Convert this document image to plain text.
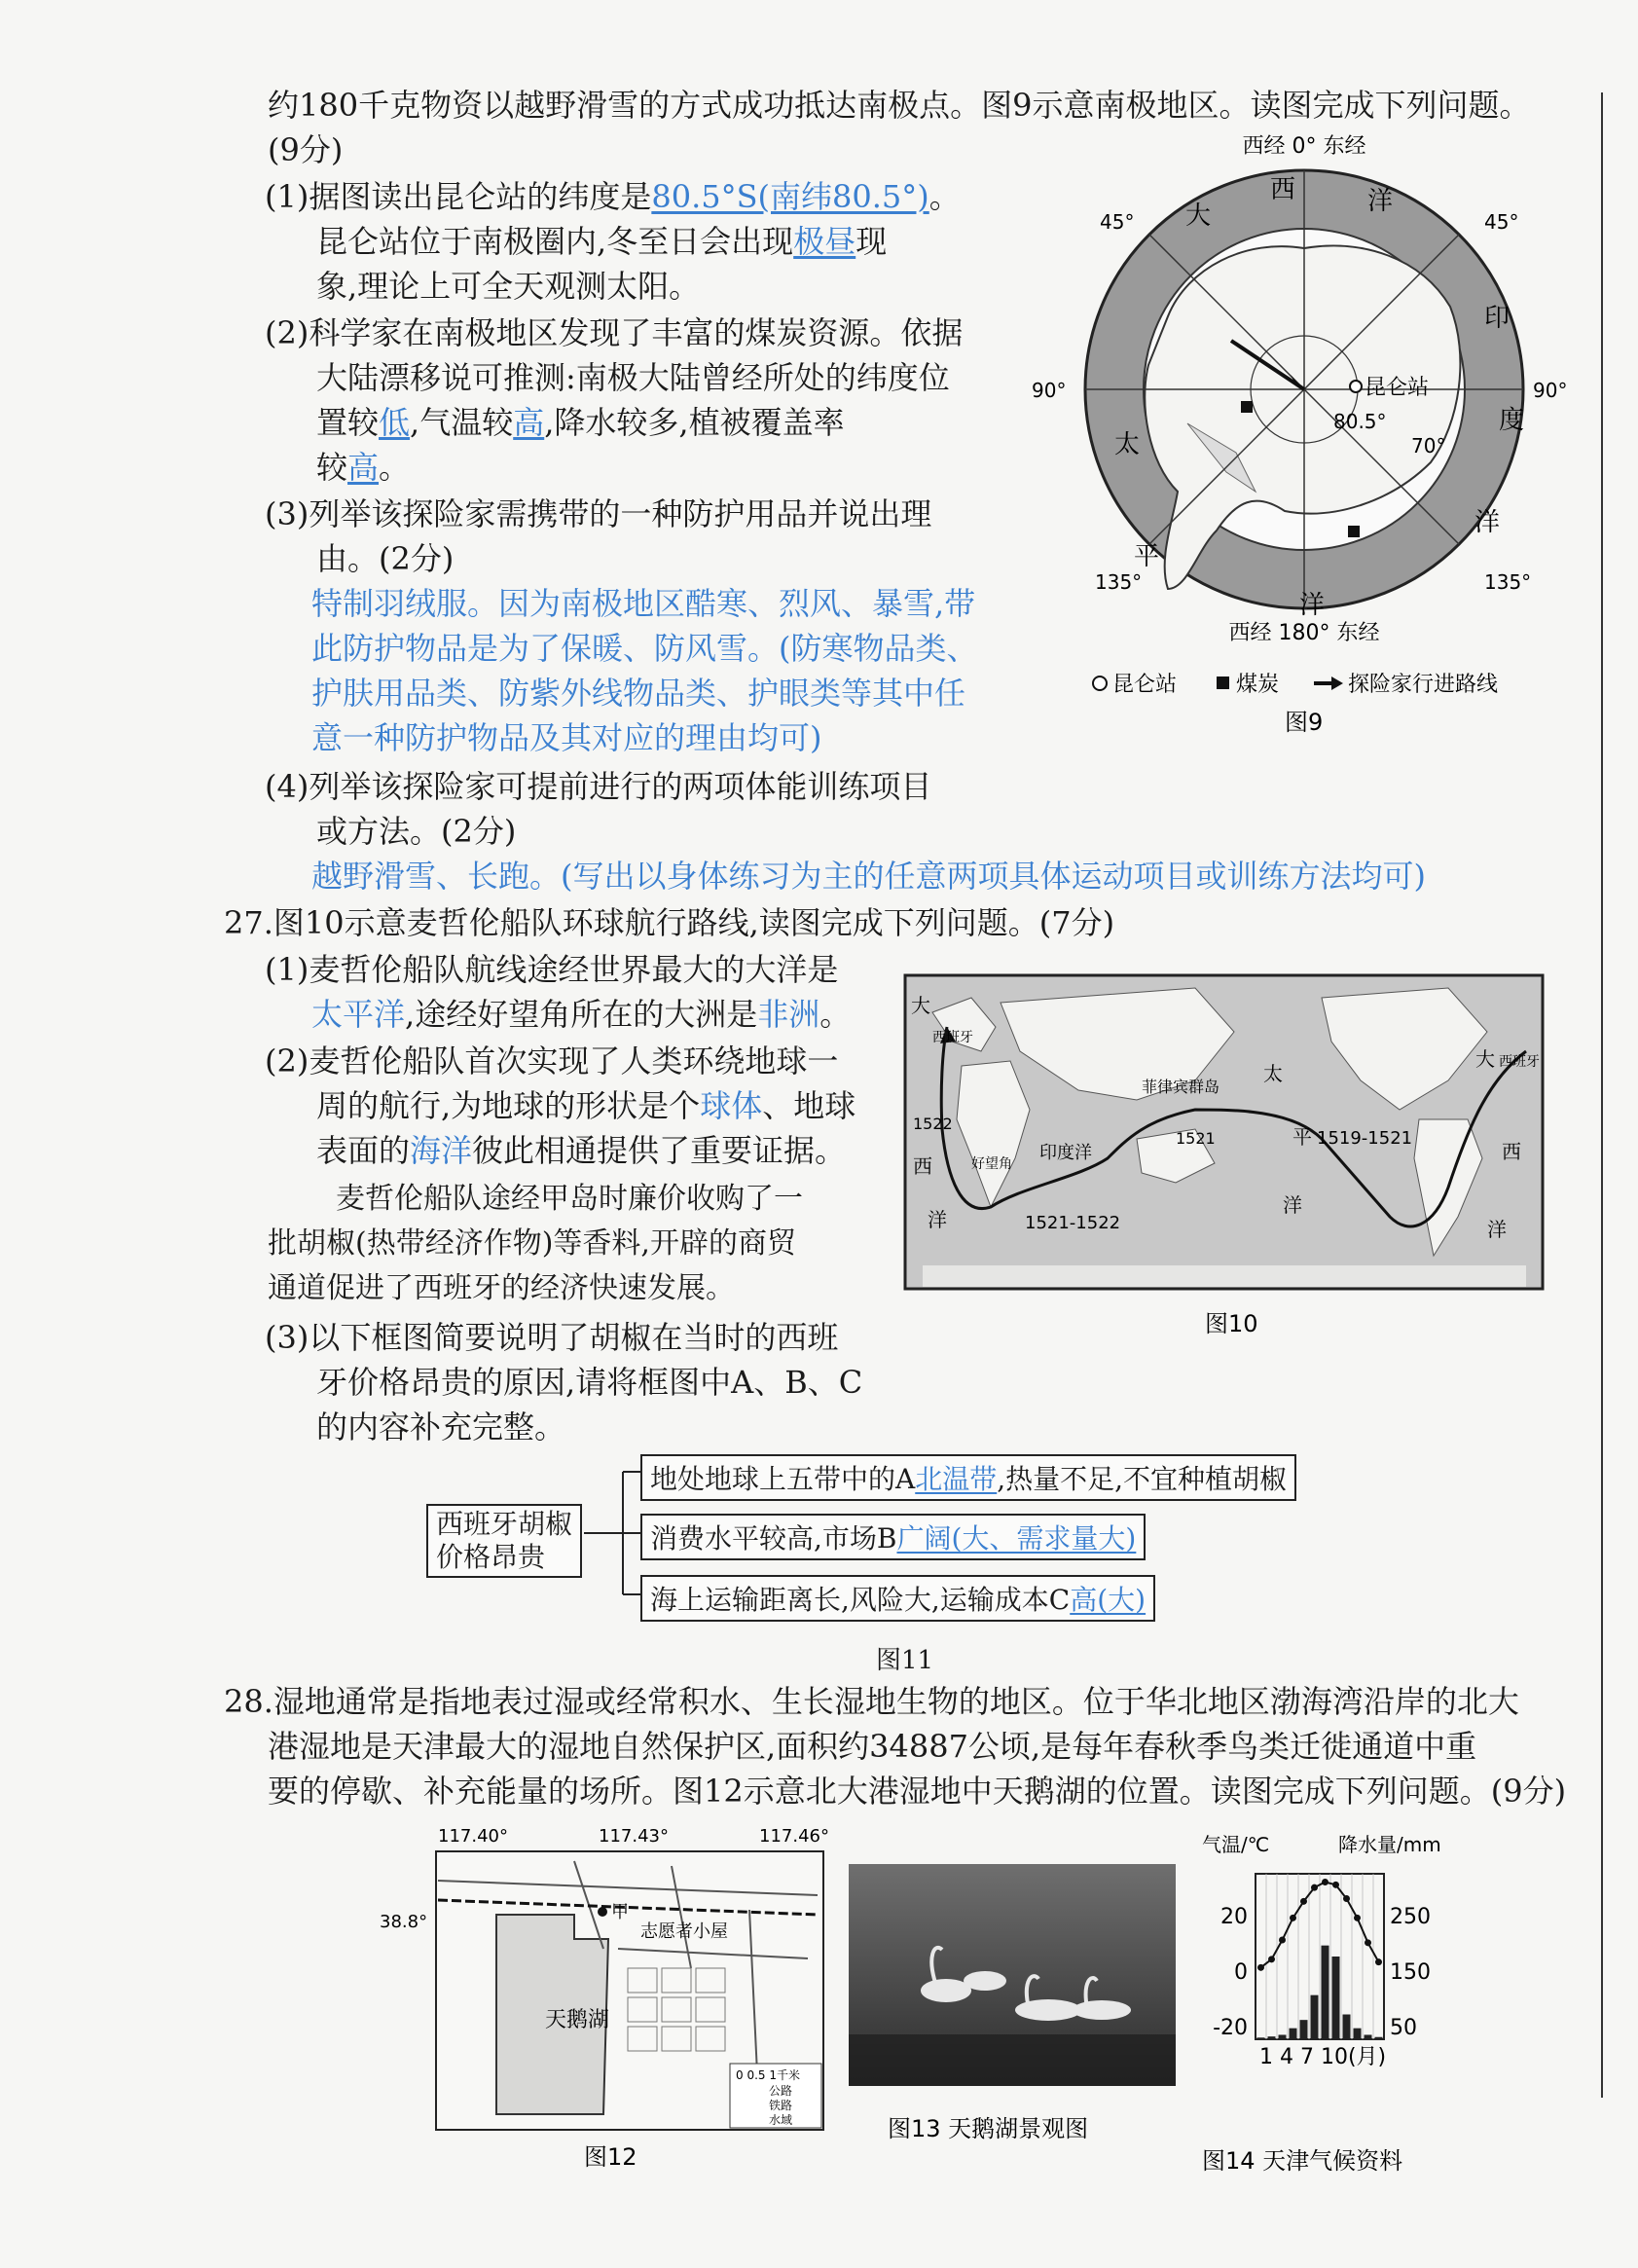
约180千克物资以越野滑雪的方式成功抵达南极点。图9示意南极地区。读图完成下列问题。
(9分)
(1)据图读出昆仑站的纬度是80.5°S(南纬80.5°)。
昆仑站位于南极圈内,冬至日会出现极昼现
象,理论上可全天观测太阳。
(2)科学家在南极地区发现了丰富的煤炭资源。依据
大陆漂移说可推测:南极大陆曾经所处的纬度位
置较低,气温较高,降水较多,植被覆盖率
较高。
(3)列举该探险家需携带的一种防护用品并说出理
由。(2分)
特制羽绒服。因为南极地区酷寒、烈风、暴雪,带
此防护物品是为了保暖、防风雪。(防寒物品类、
护肤用品类、防紫外线物品类、护眼类等其中任
意一种防护物品及其对应的理由均可)
(4)列举该探险家可提前进行的两项体能训练项目
或方法。(2分)
越野滑雪、长跑。(写出以身体练习为主的任意两项具体运动项目或训练方法均可)
西经 0° 东经
昆仑站
80.5°
70°
45°	45°
90°	90°
135°	135°
大
西	洋
印
度
洋
太
平
洋
西经 180° 东经
昆仑站	煤炭	探险家行进路线
图9
27.图10示意麦哲伦船队环球航行路线,读图完成下列问题。(7分)
(1)麦哲伦船队航线途经世界最大的大洋是
太平洋,途经好望角所在的大洲是非洲。
(2)麦哲伦船队首次实现了人类环绕地球一
周的航行,为地球的形状是个球体、地球
表面的海洋彼此相通提供了重要证据。
麦哲伦船队途经甲岛时廉价收购了一
批胡椒(热带经济作物)等香料,开辟的商贸
通道促进了西班牙的经济快速发展。
(3)以下框图简要说明了胡椒在当时的西班
牙价格昂贵的原因,请将框图中A、B、C
的内容补充完整。
大
西班牙
1522
西	好望角
洋
印度洋
1521-1522
菲律宾群岛
1521
太
平 1519-1521
洋
大 西班牙
西
洋
图10
西班牙胡椒
价格昂贵
地处地球上五带中的A北温带,热量不足,不宜种植胡椒
消费水平较高,市场B广阔(大、需求量大)
海上运输距离长,风险大,运输成本C高(大)
图11
28.湿地通常是指地表过湿或经常积水、生长湿地生物的地区。位于华北地区渤海湾沿岸的北大
港湿地是天津最大的湿地自然保护区,面积约34887公顷,是每年春秋季鸟类迁徙通道中重
要的停歇、补充能量的场所。图12示意北大港湿地中天鹅湖的位置。读图完成下列问题。(9分)
117.40°	117.43°	117.46°
38.8°
天鹅湖
甲
志愿者小屋
0 0.5 1千米
公路
铁路
水域
图12
图13 天鹅湖景观图
气温/℃	降水量/mm
20
0
-20
250
150
50
1 4 7 10(月)
图14 天津气候资料
